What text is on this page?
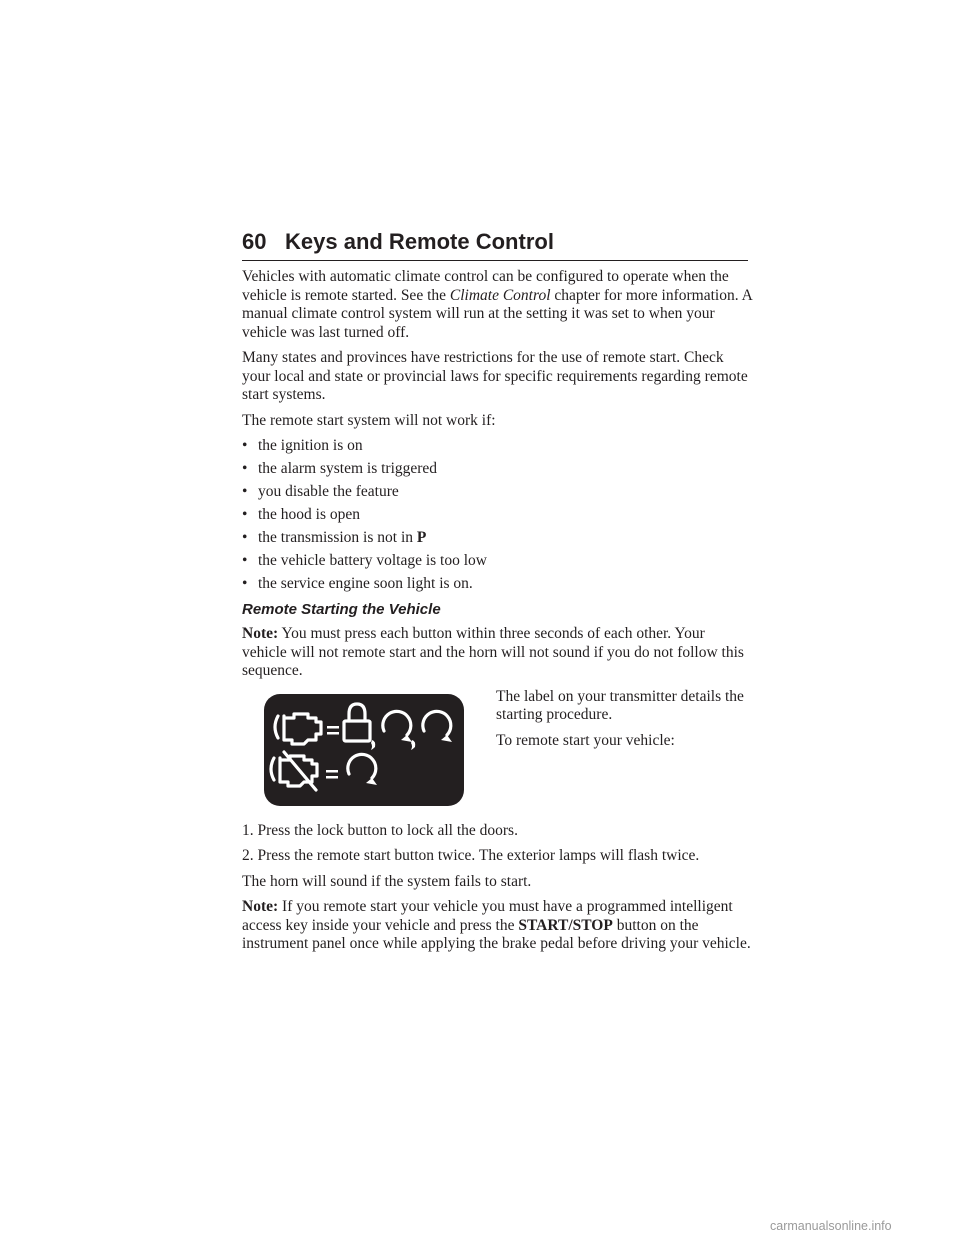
60 Keys and Remote Control

Vehicles with automatic climate control can be configured to operate when the vehicle is remote started. See the Climate Control chapter for more information. A manual climate control system will run at the setting it was set to when your vehicle was last turned off.

Many states and provinces have restrictions for the use of remote start. Check your local and state or provincial laws for specific requirements regarding remote start systems.

The remote start system will not work if:

• the ignition is on
• the alarm system is triggered
• you disable the feature
• the hood is open
• the transmission is not in P
• the vehicle battery voltage is too low
• the service engine soon light is on.
Remote Starting the Vehicle

Note: You must press each button within three seconds of each other. Your vehicle will not remote start and the horn will not sound if you do not follow this sequence.

The label on your transmitter details the starting procedure.

To remote start your vehicle:

1. Press the lock button to lock all the doors.

2. Press the remote start button twice. The exterior lamps will flash twice.

The horn will sound if the system fails to start.

Note: If you remote start your vehicle you must have a programmed intelligent access key inside your vehicle and press the START/STOP button on the instrument panel once while applying the brake pedal before driving your vehicle.

carmanualsonline.info
